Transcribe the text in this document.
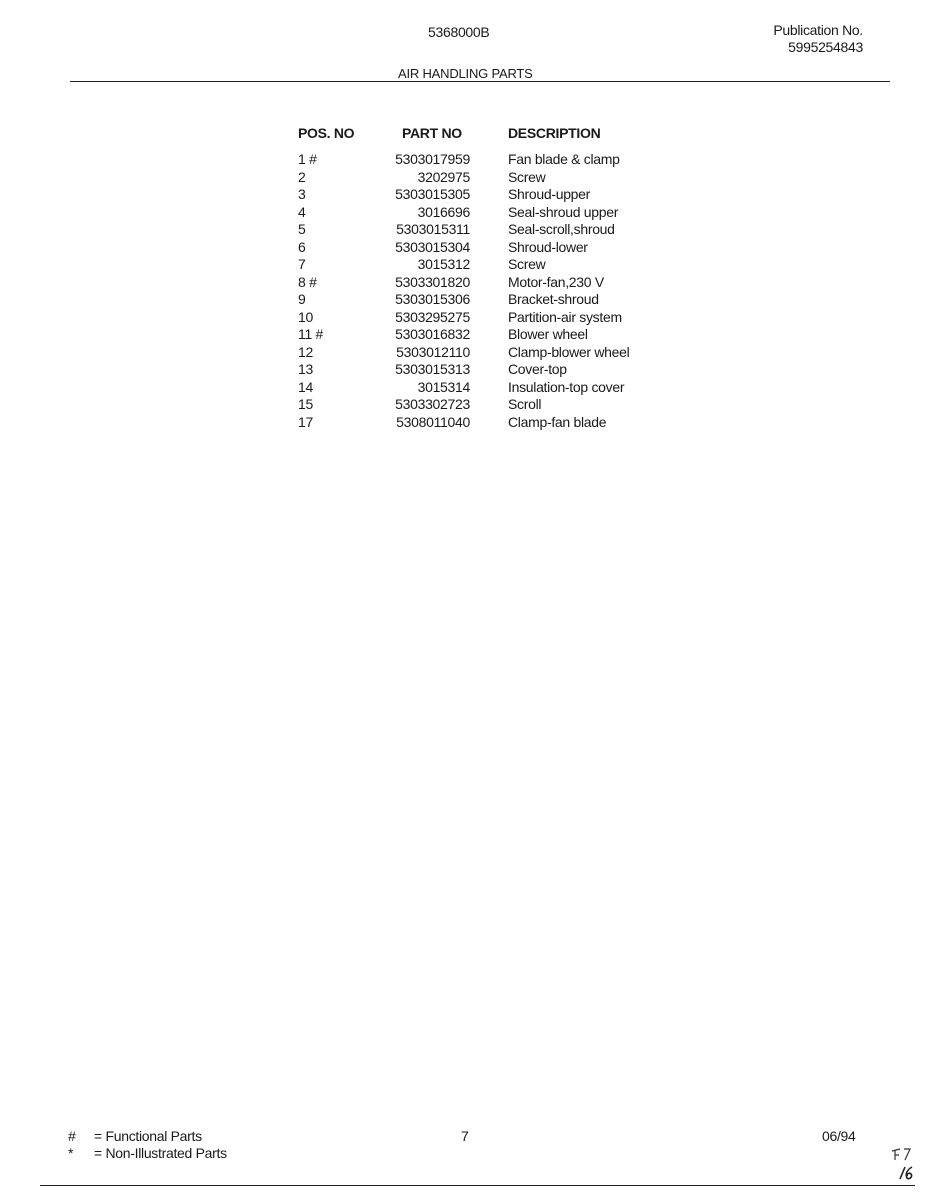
5368000B	Publication No.
5995254843
AIR HANDLING PARTS
POS. NO	PART NO	DESCRIPTION
1 #	5303017959	Fan blade & clamp
2	3202975	Screw
3	5303015305	Shroud-upper
4	3016696	Seal-shroud upper
5	5303015311	Seal-scroll,shroud
6	5303015304	Shroud-lower
7	3015312	Screw
8 #	5303301820	Motor-fan,230 V
9	5303015306	Bracket-shroud
10	5303295275	Partition-air system
11 #	5303016832	Blower wheel
12	5303012110	Clamp-blower wheel
13	5303015313	Cover-top
14	3015314	Insulation-top cover
15	5303302723	Scroll
17	5308011040	Clamp-fan blade
# = Functional Parts
* = Non-Illustrated Parts
7	06/94
